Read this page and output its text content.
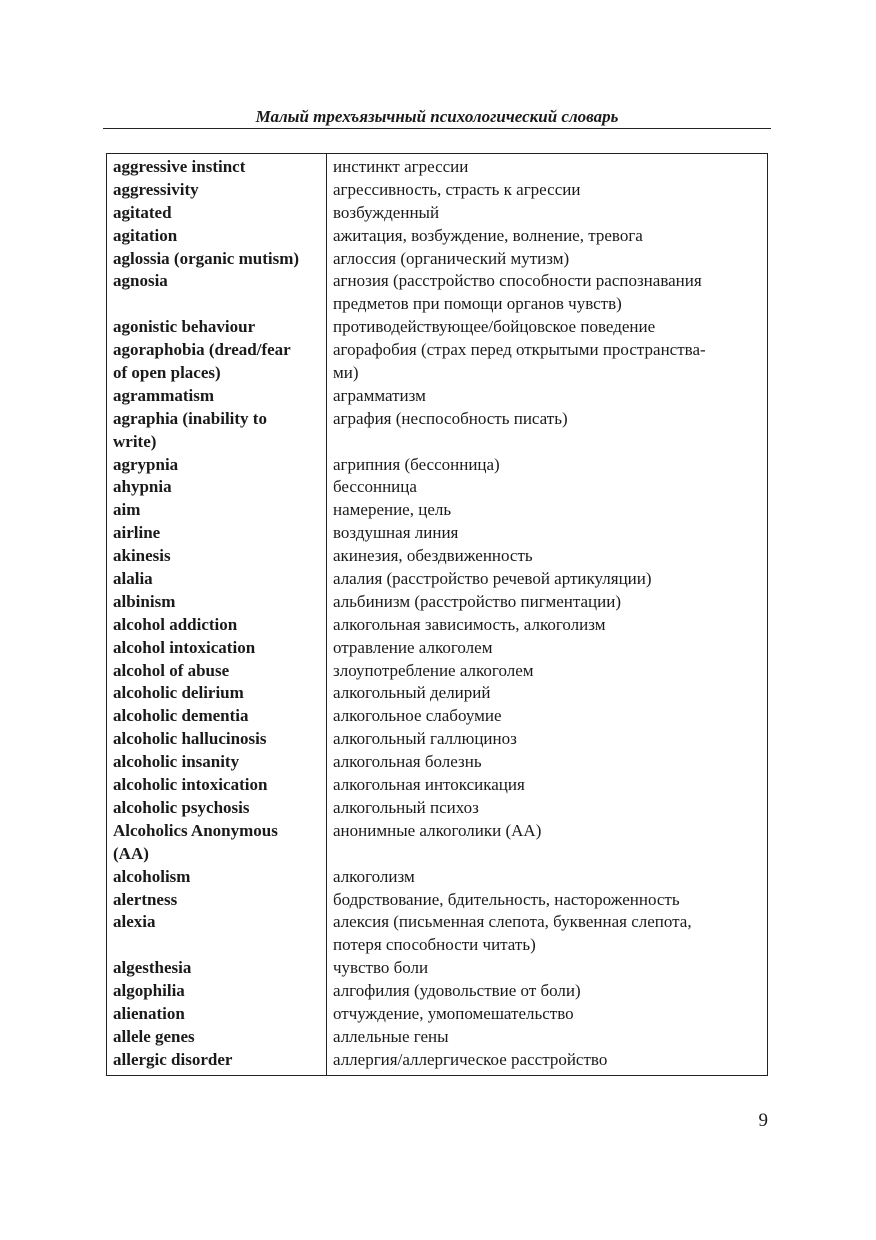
Малый трехъязычный психологический словарь
aggressive instinct
aggressivity
agitated
agitation
aglossia (organic mutism)
agnosia
agonistic behaviour
agoraphobia (dread/fear
of open places)
agrammatism
agraphia (inability to
write)
agrypnia
ahypnia
aim
airline
akinesis
alalia
albinism
alcohol addiction
alcohol intoxication
alcohol of abuse
alcoholic delirium
alcoholic dementia
alcoholic hallucinosis
alcoholic insanity
alcoholic intoxication
alcoholic psychosis
Alcoholics Anonymous
(AA)
alcoholism
alertness
alexia
algesthesia
algophilia
alienation
allele genes
allergic disorder
инстинкт агрессии
агрессивность, страсть к агрессии
возбужденный
ажитация, возбуждение, волнение, тревога
аглоссия (органический мутизм)
агнозия (расстройство способности распознавания
предметов при помощи органов чувств)
противодействующее/бойцовское поведение
агорафобия (страх перед открытыми пространства-
ми)
аграмматизм
аграфия (неспособность писать)
агрипния (бессонница)
бессонница
намерение, цель
воздушная линия
акинезия, обездвиженность
алалия (расстройство речевой артикуляции)
альбинизм (расстройство пигментации)
алкогольная зависимость, алкоголизм
отравление алкоголем
злоупотребление алкоголем
алкогольный делирий
алкогольное слабоумие
алкогольный галлюциноз
алкогольная болезнь
алкогольная интоксикация
алкогольный психоз
анонимные алкоголики (АА)
алкоголизм
бодрствование, бдительность, настороженность
алексия (письменная слепота, буквенная слепота,
потеря способности читать)
чувство боли
алгофилия (удовольствие от боли)
отчуждение, умопомешательство
аллельные гены
аллергия/аллергическое расстройство
9
